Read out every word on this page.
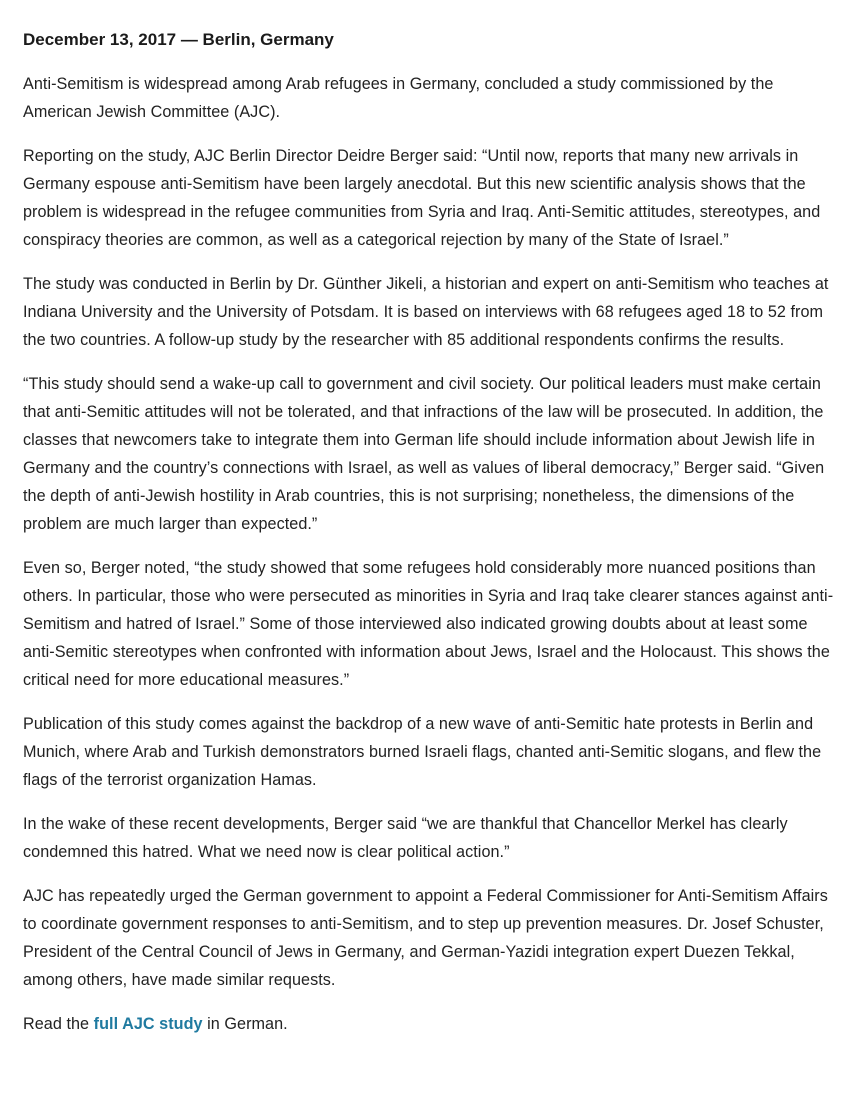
December 13, 2017 — Berlin, Germany

Anti-Semitism is widespread among Arab refugees in Germany, concluded a study commissioned by the American Jewish Committee (AJC).

Reporting on the study, AJC Berlin Director Deidre Berger said: “Until now, reports that many new arrivals in Germany espouse anti-Semitism have been largely anecdotal. But this new scientific analysis shows that the problem is widespread in the refugee communities from Syria and Iraq. Anti-Semitic attitudes, stereotypes, and conspiracy theories are common, as well as a categorical rejection by many of the State of Israel.”

The study was conducted in Berlin by Dr. Günther Jikeli, a historian and expert on anti-Semitism who teaches at Indiana University and the University of Potsdam. It is based on interviews with 68 refugees aged 18 to 52 from the two countries. A follow-up study by the researcher with 85 additional respondents confirms the results.

“This study should send a wake-up call to government and civil society. Our political leaders must make certain that anti-Semitic attitudes will not be tolerated, and that infractions of the law will be prosecuted. In addition, the classes that newcomers take to integrate them into German life should include information about Jewish life in Germany and the country’s connections with Israel, as well as values of liberal democracy,” Berger said. “Given the depth of anti-Jewish hostility in Arab countries, this is not surprising; nonetheless, the dimensions of the problem are much larger than expected.”

Even so, Berger noted, “the study showed that some refugees hold considerably more nuanced positions than others. In particular, those who were persecuted as minorities in Syria and Iraq take clearer stances against anti-Semitism and hatred of Israel.” Some of those interviewed also indicated growing doubts about at least some anti-Semitic stereotypes when confronted with information about Jews, Israel and the Holocaust. This shows the critical need for more educational measures.”

Publication of this study comes against the backdrop of a new wave of anti-Semitic hate protests in Berlin and Munich, where Arab and Turkish demonstrators burned Israeli flags, chanted anti-Semitic slogans, and flew the flags of the terrorist organization Hamas.

In the wake of these recent developments, Berger said “we are thankful that Chancellor Merkel has clearly condemned this hatred. What we need now is clear political action.”

AJC has repeatedly urged the German government to appoint a Federal Commissioner for Anti-Semitism Affairs to coordinate government responses to anti-Semitism, and to step up prevention measures. Dr. Josef Schuster, President of the Central Council of Jews in Germany, and German-Yazidi integration expert Duezen Tekkal, among others, have made similar requests.

Read the full AJC study in German.
